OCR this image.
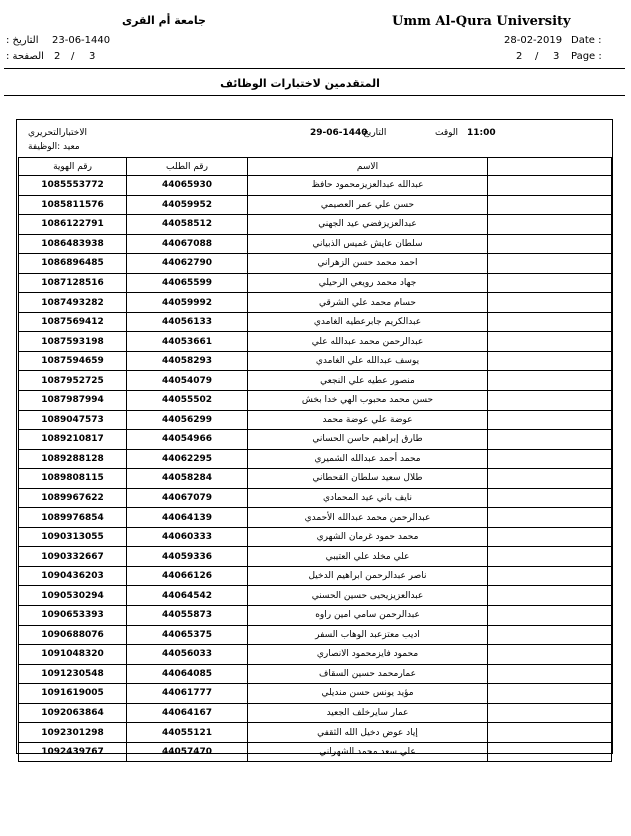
Umm Al-Qura University
جامعة أم القرى
28-02-2019 Date :
2 / 3 Page :
التاريخ : 23-06-1440
الصفحة : 2 / 3
المتقدمين لاختبارات الوظائف
الاختبارالتحريري
معيد :الوظيفة
29-06-1440
التاريخ	11:00
الوقت
رقم الهوية	رقم الطلب	الاسم	
1085553772	44065930	عبدالله عبدالعزيزمحمود حافظ	
1085811576	44059952	حسن علي عمر العصيمي	
1086122791	44058512	عبدالعزيزفضي عيد الجهني	
1086483938	44067088	سلطان عايش غميس الذبياني	
1086896485	44062790	احمد محمد حسن الزهراني	
1087128516	44065599	جهاد محمد رويعي الرحيلي	
1087493282	44059992	حسام محمد علي الشرقي	
1087569412	44056133	عبدالكريم جابرعطيه الغامدي	
1087593198	44053661	عبدالرحمن محمد عبدالله علي	
1087594659	44058293	يوسف عبدالله علي الغامدي	
1087952725	44054079	منصور عطيه علي النجعي	
1087987994	44055502	حسن محمد محبوب الهي خدا بخش	
1089047573	44056299	عوضة علي عوضة محمد	
1089210817	44054966	طارق إبراهيم حاسن الحساني	
1089288128	44062295	محمد أحمد عبدالله الشميري	
1089808115	44058284	طلال سعيد سلطان القحطاني	
1089967622	44067079	نايف باني عيد المحمادي	
1089976854	44064139	عبدالرحمن محمد عبدالله الأحمدي	
1090313055	44060333	محمد حمود غرمان الشهري	
1090332667	44059336	علي مخلد علي العتيبي	
1090436203	44066126	ناصر عبدالرحمن ابراهيم الدخيل	
1090530294	44064542	عبدالعزيزيحيى حسين الحسني	
1090653393	44055873	عبدالرحمن سامي امين راوه	
1090688076	44065375	اديب معتزعبد الوهاب السفر	
1091048320	44056033	محمود فايزمحمود الانصاري	
1091230548	44064085	عمارمحمد حسين السقاف	
1091619005	44061777	مؤيد يونس حسن منديلي	
1092063864	44064167	عمار سايرخلف الجعيد	
1092301298	44055121	إياد عوض دخيل الله الثقفي	
1092439767	44057470	علي سعد محمد الشهراني	
